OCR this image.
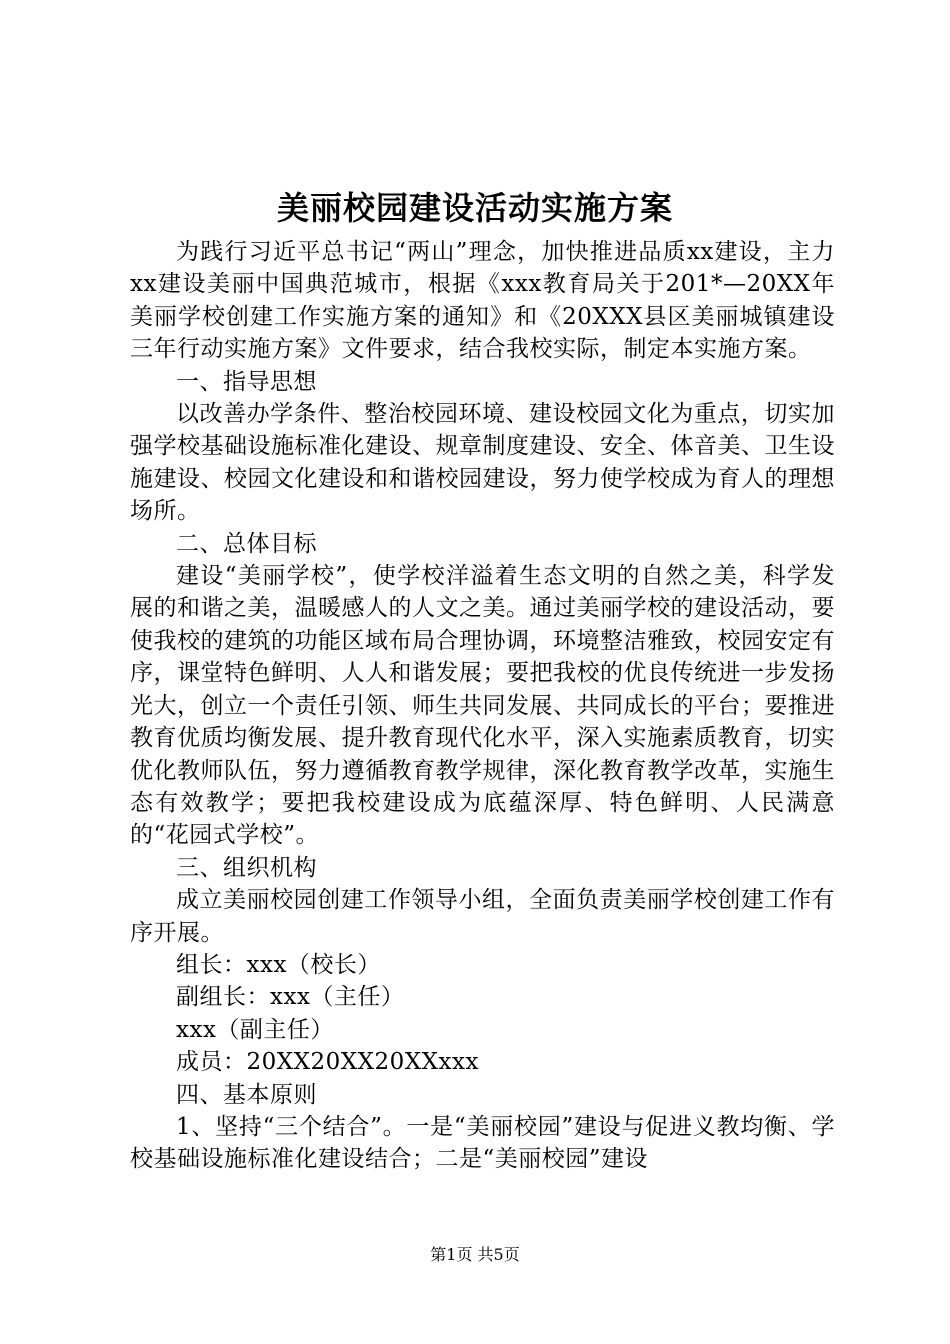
美丽校园建设活动实施方案

为践行习近平总书记“两山”理念，加快推进品质xx建设，主力xx建设美丽中国典范城市，根据《xxx教育局关于201*—20XX年美丽学校创建工作实施方案的通知》和《20XXX县区美丽城镇建设三年行动实施方案》文件要求，结合我校实际，制定本实施方案。

一、指导思想

以改善办学条件、整治校园环境、建设校园文化为重点，切实加强学校基础设施标准化建设、规章制度建设、安全、体音美、卫生设施建设、校园文化建设和和谐校园建设，努力使学校成为育人的理想场所。

二、总体目标

建设“美丽学校”，使学校洋溢着生态文明的自然之美，科学发展的和谐之美，温暖感人的人文之美。通过美丽学校的建设活动，要使我校的建筑的功能区域布局合理协调，环境整洁雅致，校园安定有序，课堂特色鲜明、人人和谐发展；要把我校的优良传统进一步发扬光大，创立一个责任引领、师生共同发展、共同成长的平台；要推进教育优质均衡发展、提升教育现代化水平，深入实施素质教育，切实优化教师队伍，努力遵循教育教学规律，深化教育教学改革，实施生态有效教学；要把我校建设成为底蕴深厚、特色鲜明、人民满意的“花园式学校”。

三、组织机构

成立美丽校园创建工作领导小组，全面负责美丽学校创建工作有序开展。

组长：xxx（校长）

副组长：xxx（主任）

xxx（副主任）

成员：20XX20XX20XXxxx

四、基本原则

1、坚持“三个结合”。一是“美丽校园”建设与促进义教均衡、学校基础设施标准化建设结合；二是“美丽校园”建设

第1页 共5页
